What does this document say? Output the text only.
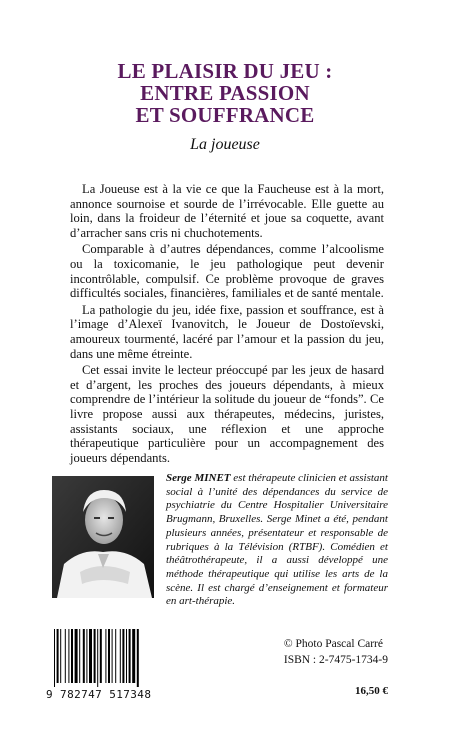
LE PLAISIR DU JEU :
ENTRE PASSION
ET SOUFFRANCE
La joueuse

La Joueuse est à la vie ce que la Faucheuse est à la mort, annonce sournoise et sourde de l’irrévocable. Elle guette au loin, dans la froideur de l’éternité et joue sa coquette, avant d’arracher sans cris ni chuchotements.

Comparable à d’autres dépendances, comme l’alcoolisme ou la toxicomanie, le jeu pathologique peut devenir incontrôlable, compulsif. Ce problème provoque de graves difficultés sociales, financières, familiales et de santé mentale.

La pathologie du jeu, idée fixe, passion et souffrance, est à l’image d’Alexeï Ivanovitch, le Joueur de Dostoïevski, amoureux tourmenté, lacéré par l’amour et la passion du jeu, dans une même étreinte.

Cet essai invite le lecteur préoccupé par les jeux de hasard et d’argent, les proches des joueurs dépendants, à mieux comprendre de l’intérieur la solitude du joueur de “fonds”. Ce livre propose aussi aux thérapeutes, médecins, juristes, assistants sociaux, une réflexion et une approche thérapeutique particulière pour un accompagnement des joueurs dépendants.

Serge MINET est thérapeute clinicien et assistant social à l’unité des dépendances du service de psychiatrie du Centre Hospitalier Universitaire Brugmann, Bruxelles. Serge Minet a été, pendant plusieurs années, présentateur et responsable de rubriques à la Télévision (RTBF). Comédien et théâtrothérapeute, il a aussi développé une méthode thérapeutique qui utilise les arts de la scène. Il est chargé d’enseignement et formateur en art-thérapie.
9 782747 517348
© Photo Pascal Carré
ISBN : 2-7475-1734-9
16,50 €
